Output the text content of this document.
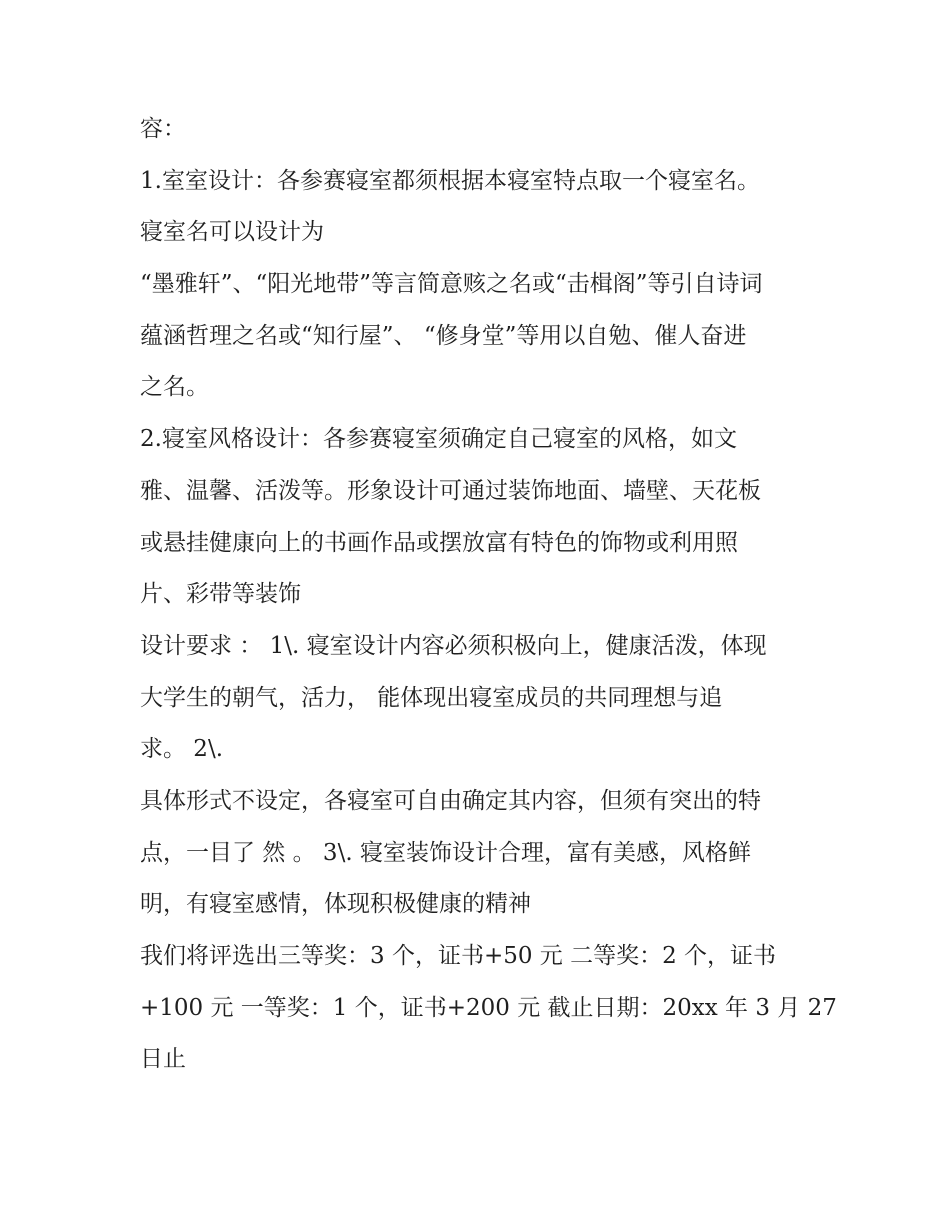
容：
1.室室设计：各参赛寝室都须根据本寝室特点取一个寝室名。
寝室名可以设计为
“墨雅轩”、“阳光地带”等言简意赅之名或“击楫阁”等引自诗词
蕴涵哲理之名或“知行屋”、 “修身堂”等用以自勉、催人奋进
之名。
2.寝室风格设计：各参赛寝室须确定自己寝室的风格，如文
雅、温馨、活泼等。形象设计可通过装饰地面、墙壁、天花板
或悬挂健康向上的书画作品或摆放富有特色的饰物或利用照
片、彩带等装饰
设计要求 ： 1\. 寝室设计内容必须积极向上，健康活泼，体现
大学生的朝气，活力， 能体现出寝室成员的共同理想与追
求。 2\.
具体形式不设定，各寝室可自由确定其内容，但须有突出的特
点，一目了 然 。 3\. 寝室装饰设计合理，富有美感，风格鲜
明，有寝室感情，体现积极健康的精神
我们将评选出三等奖：3 个，证书+50 元 二等奖：2 个，证书
+100 元 一等奖：1 个，证书+200 元 截止日期：20xx 年 3 月 27
日止
